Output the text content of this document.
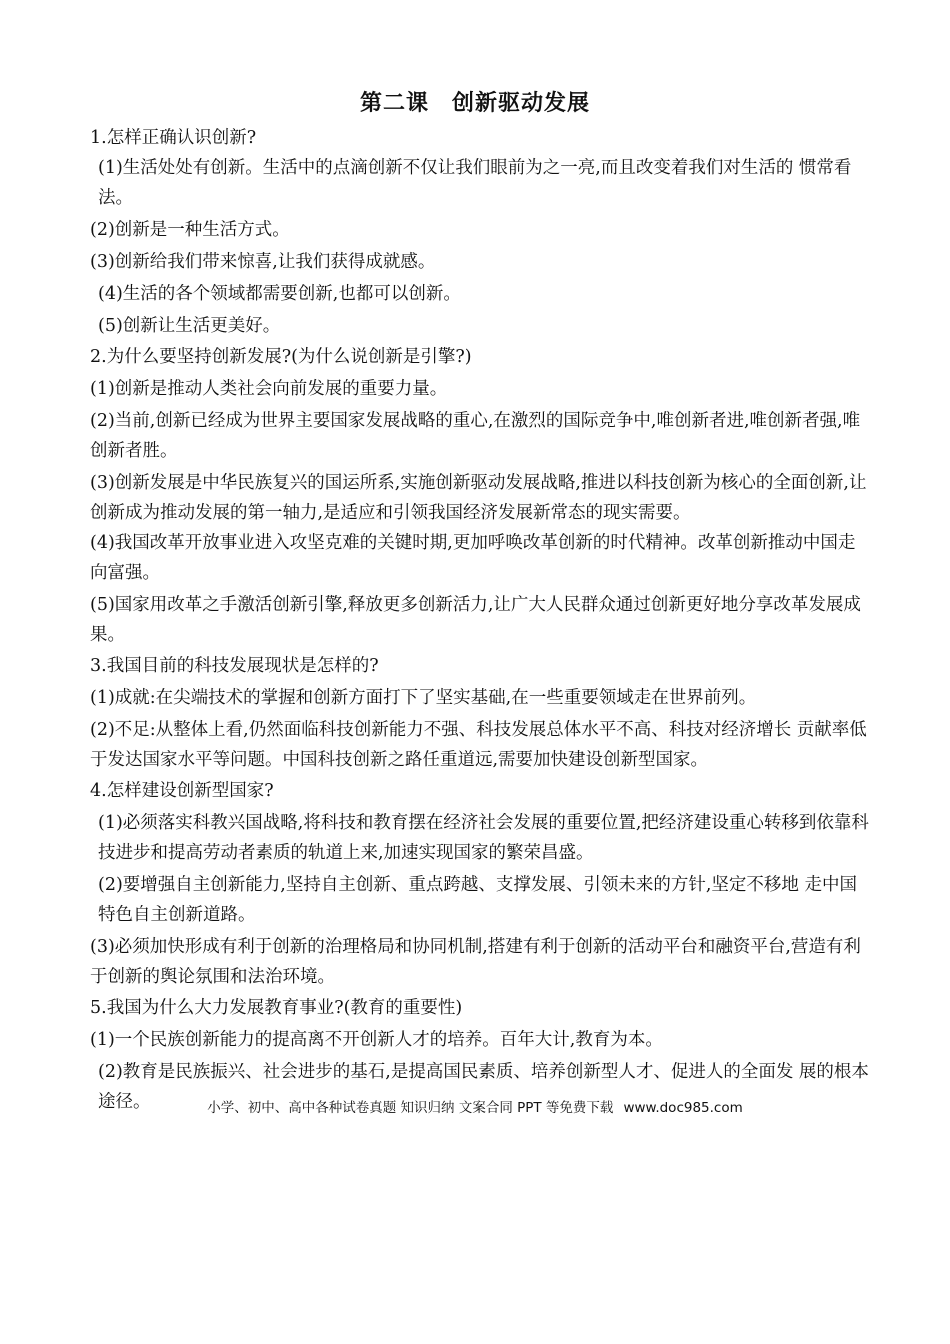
第二课　创新驱动发展

1.怎样正确认识创新?

(1)生活处处有创新。生活中的点滴创新不仅让我们眼前为之一亮,而且改变着我们对生活的 惯常看法。

(2)创新是一种生活方式。

(3)创新给我们带来惊喜,让我们获得成就感。

(4)生活的各个领域都需要创新,也都可以创新。

(5)创新让生活更美好。

2.为什么要坚持创新发展?(为什么说创新是引擎?)

(1)创新是推动人类社会向前发展的重要力量。

(2)当前,创新已经成为世界主要国家发展战略的重心,在激烈的国际竞争中,唯创新者进,唯创新者强,唯创新者胜。

(3)创新发展是中华民族复兴的国运所系,实施创新驱动发展战略,推进以科技创新为核心的全面创新,让创新成为推动发展的第一轴力,是适应和引领我国经济发展新常态的现实需要。

(4)我国改革开放事业进入攻坚克难的关键时期,更加呼唤改革创新的时代精神。改革创新推动中国走向富强。

(5)国家用改革之手激活创新引擎,释放更多创新活力,让广大人民群众通过创新更好地分享改革发展成果。

3.我国目前的科技发展现状是怎样的?

(1)成就:在尖端技术的掌握和创新方面打下了坚实基础,在一些重要领域走在世界前列。

(2)不足:从整体上看,仍然面临科技创新能力不强、科技发展总体水平不高、科技对经济增长 贡献率低于发达国家水平等问题。中国科技创新之路任重道远,需要加快建设创新型国家。

4.怎样建设创新型国家?

(1)必须落实科教兴国战略,将科技和教育摆在经济社会发展的重要位置,把经济建设重心转移到依靠科技进步和提高劳动者素质的轨道上来,加速实现国家的繁荣昌盛。

(2)要增强自主创新能力,坚持自主创新、重点跨越、支撑发展、引领未来的方针,坚定不移地 走中国特色自主创新道路。

(3)必须加快形成有利于创新的治理格局和协同机制,搭建有利于创新的活动平台和融资平台,营造有利于创新的舆论氛围和法治环境。

5.我国为什么大力发展教育事业?(教育的重要性)

(1)一个民族创新能力的提高离不开创新人才的培养。百年大计,教育为本。

(2)教育是民族振兴、社会进步的基石,是提高国民素质、培养创新型人才、促进人的全面发 展的根本途径。	小学、初中、高中各种试卷真题 知识归纳 文案合同 PPT 等免费下载 www.doc985.com
